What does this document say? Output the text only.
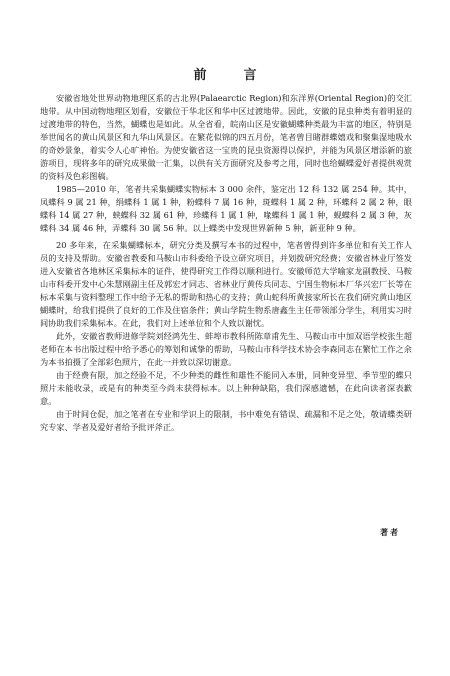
前　言

安徽省地处世界动物地理区系的古北界(Palaearctic Region)和东洋界(Oriental Region)的交汇地带。从中国动物地理区划看，安徽位于华北区和华中区过渡地带。因此，安徽的昆虫种类有着明显的过渡地带的特色，当然，蝴蝶也是如此。从全省看，皖南山区是安徽蝴蝶种类最为丰富的地区，特别是举世闻名的黄山风景区和九华山风景区。在繁花似锦的四五月份，笔者曾目睹群蝶嬉戏和聚集湿地吸水的奇妙景象，着实令人心旷神怡。为使安徽省这一宝贵的昆虫资源得以保护，并能为风景区增添新的旅游项目，现将多年的研究成果做一汇集，以供有关方面研究及参考之用，同时也给蝴蝶爱好者提供观赏的资料及色彩图稿。

1985—2010 年，笔者共采集蝴蝶实物标本 3 000 余件，鉴定出 12 科 132 属 254 种。其中，凤蝶科 9 属 21 种，绢蝶科 1 属 1 种，粉蝶科 7 属 16 种，斑蝶科 1 属 2 种，环蝶科 2 属 2 种，眼蝶科 14 属 27 种，蛱蝶科 32 属 61 种，珍蝶科 1 属 1 种，喙蝶科 1 属 1 种，蚬蝶科 2 属 3 种，灰蝶科 34 属 46 种，弄蝶科 30 属 56 种。以上蝶类中发现世界新种 5 种，新亚种 9 种。

20 多年来，在采集蝴蝶标本，研究分类及撰写本书的过程中，笔者曾得到许多单位和有关工作人员的支持及帮助。安徽省教委和马鞍山市科委给予设立研究项目，并划拨研究经费；安徽省林业厅签发进入安徽省各地林区采集标本的证件，使得研究工作得以顺利进行。安徽师范大学喻家龙副教授、马鞍山市科委开发中心朱慧刚副主任及郭宏才同志、省林业厅黄传兵同志、宁国生物标本厂华兴宏厂长等在标本采集与资料整理工作中给予无私的帮助和热心的支持；黄山蛇科所黄接家所长在我们研究黄山地区蝴蝶时，给我们提供了良好的工作及住宿条件；黄山学院生物系唐鑫生主任带领部分学生，利用实习时间协助我们采集标本。在此，我们对上述单位和个人致以谢忱。

此外，安徽省教师进修学院刘经鸿先生、蚌埠市教科所陈章甫先生、马鞍山市中加双语学校张生超老师在本书出版过程中给予悉心的筹划和诚挚的帮助，马鞍山市科学技术协会李森同志在繁忙工作之余为本书拍摄了全部彩色照片，在此一并致以深切谢意。

由于经费有限，加之经验不足，不少种类的雌性和雄性不能同入本册，同种变异型、季节型的蝶只照片未能收录，或是有的种类至今尚未获得标本。以上种种缺陷，我们深感遗憾，在此向读者深表歉意。

由于时间仓促，加之笔者在专业和学识上的限制，书中难免有错误、疏漏和不足之处，敬请蝶类研究专家、学者及爱好者给予批评斧正。

著者
